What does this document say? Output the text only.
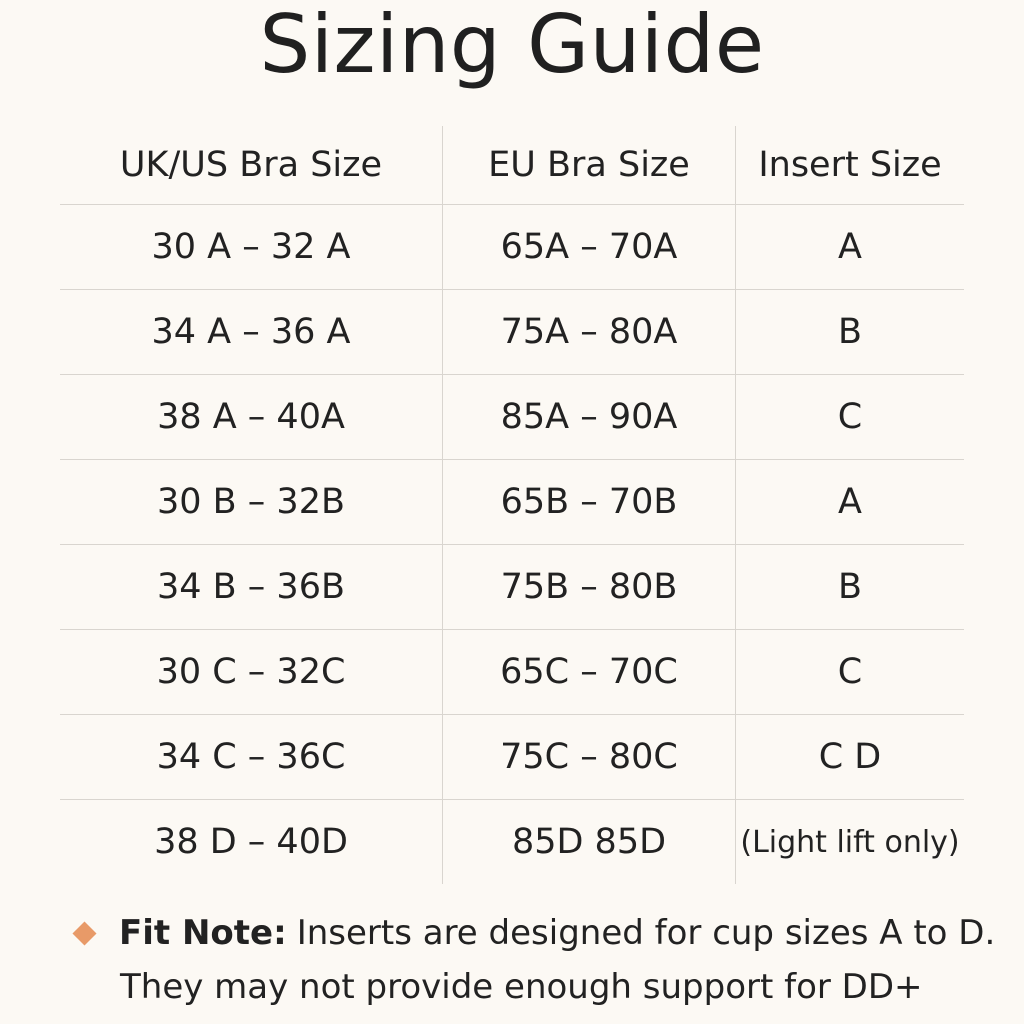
Sizing Guide
UK/US Bra Size	EU Bra Size	Insert Size
30 A – 32 A	65A – 70A	A
34 A – 36 A	75A – 80A	B
38 A – 40A	85A – 90A	C
30 B – 32B	65B – 70B	A
34 B – 36B	75B – 80B	B
30 C – 32C	65C – 70C	C
34 C – 36C	75C – 80C	C D
38 D – 40D	85D 85D	(Light lift only)
Fit Note: Inserts are designed for cup sizes A to D.
They may not provide enough support for DD+
